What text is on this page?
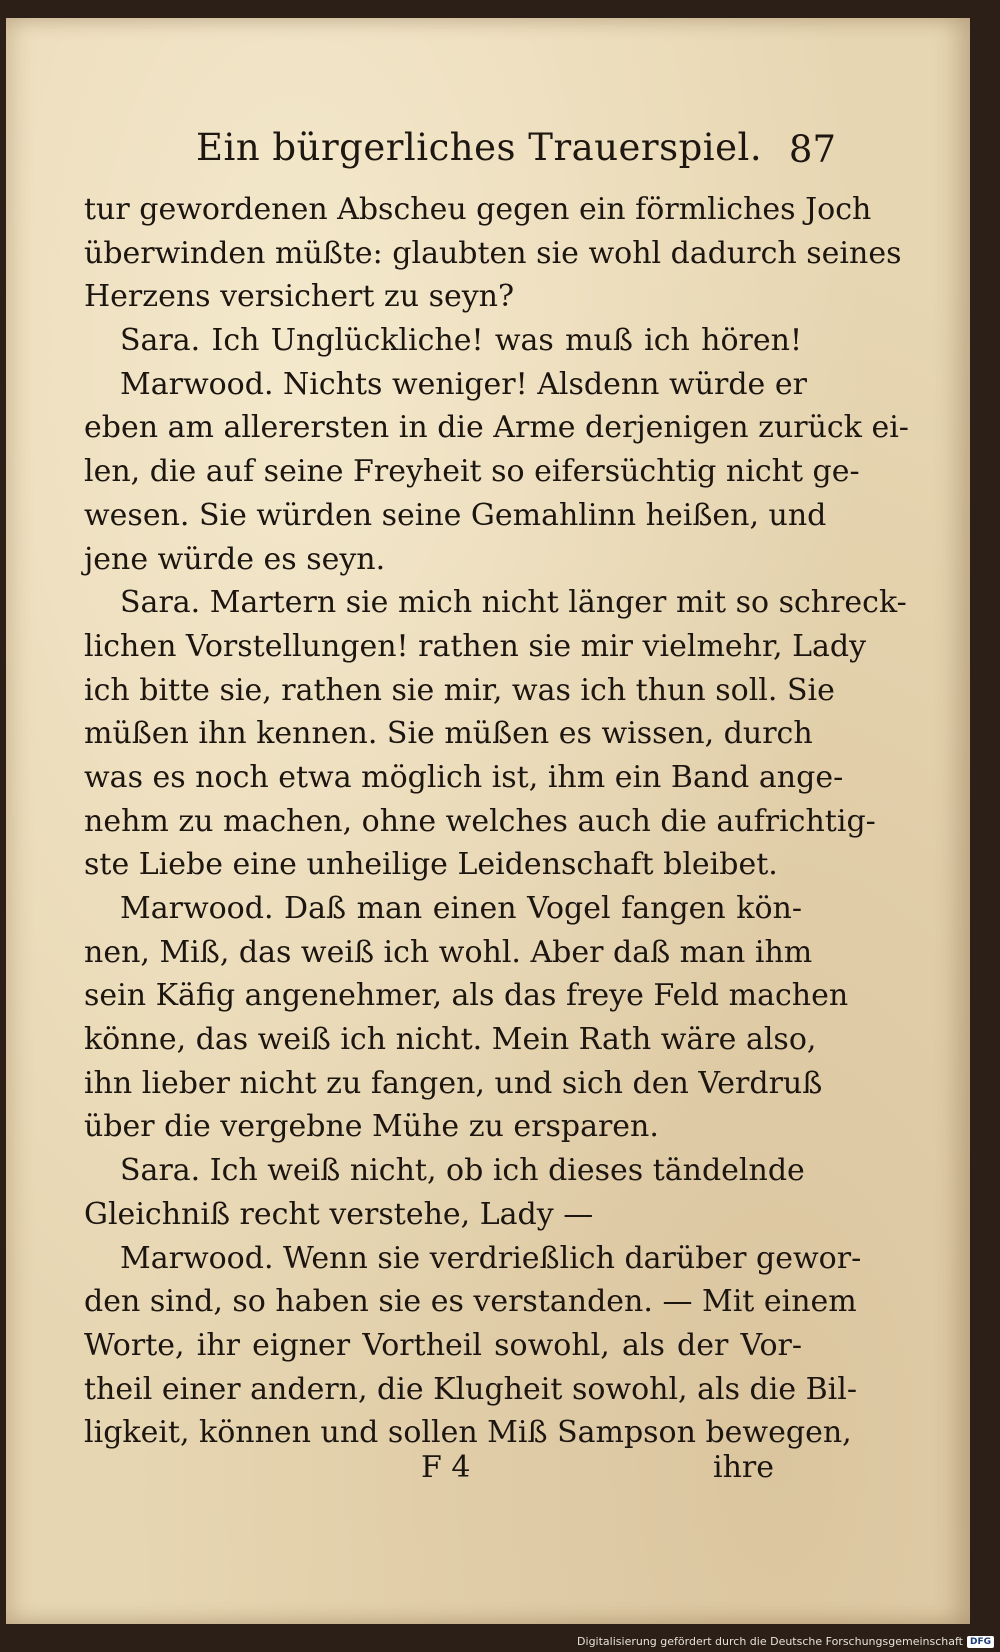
Ein bürgerliches Trauerspiel. 87
tur gewordenen Abscheu gegen ein förmliches Joch
überwinden müßte: glaubten sie wohl dadurch seines
Herzens versichert zu seyn?
Sara. Ich Unglückliche! was muß ich hören!
Marwood. Nichts weniger! Alsdenn würde er
eben am allerersten in die Arme derjenigen zurück ei-
len, die auf seine Freyheit so eifersüchtig nicht ge-
wesen. Sie würden seine Gemahlinn heißen, und
jene würde es seyn.
Sara. Martern sie mich nicht länger mit so schreck-
lichen Vorstellungen! rathen sie mir vielmehr, Lady
ich bitte sie, rathen sie mir, was ich thun soll. Sie
müßen ihn kennen. Sie müßen es wissen, durch
was es noch etwa möglich ist, ihm ein Band ange-
nehm zu machen, ohne welches auch die aufrichtig-
ste Liebe eine unheilige Leidenschaft bleibet.
Marwood. Daß man einen Vogel fangen kön-
nen, Miß, das weiß ich wohl. Aber daß man ihm
sein Käfig angenehmer, als das freye Feld machen
könne, das weiß ich nicht. Mein Rath wäre also,
ihn lieber nicht zu fangen, und sich den Verdruß
über die vergebne Mühe zu ersparen.
Sara. Ich weiß nicht, ob ich dieses tändelnde
Gleichniß recht verstehe, Lady —
Marwood. Wenn sie verdrießlich darüber gewor-
den sind, so haben sie es verstanden. — Mit einem
Worte, ihr eigner Vortheil sowohl, als der Vor-
theil einer andern, die Klugheit sowohl, als die Bil-
ligkeit, können und sollen Miß Sampson bewegen,
F 4	ihre
Digitalisierung gefördert durch die Deutsche Forschungsgemeinschaft DFG
